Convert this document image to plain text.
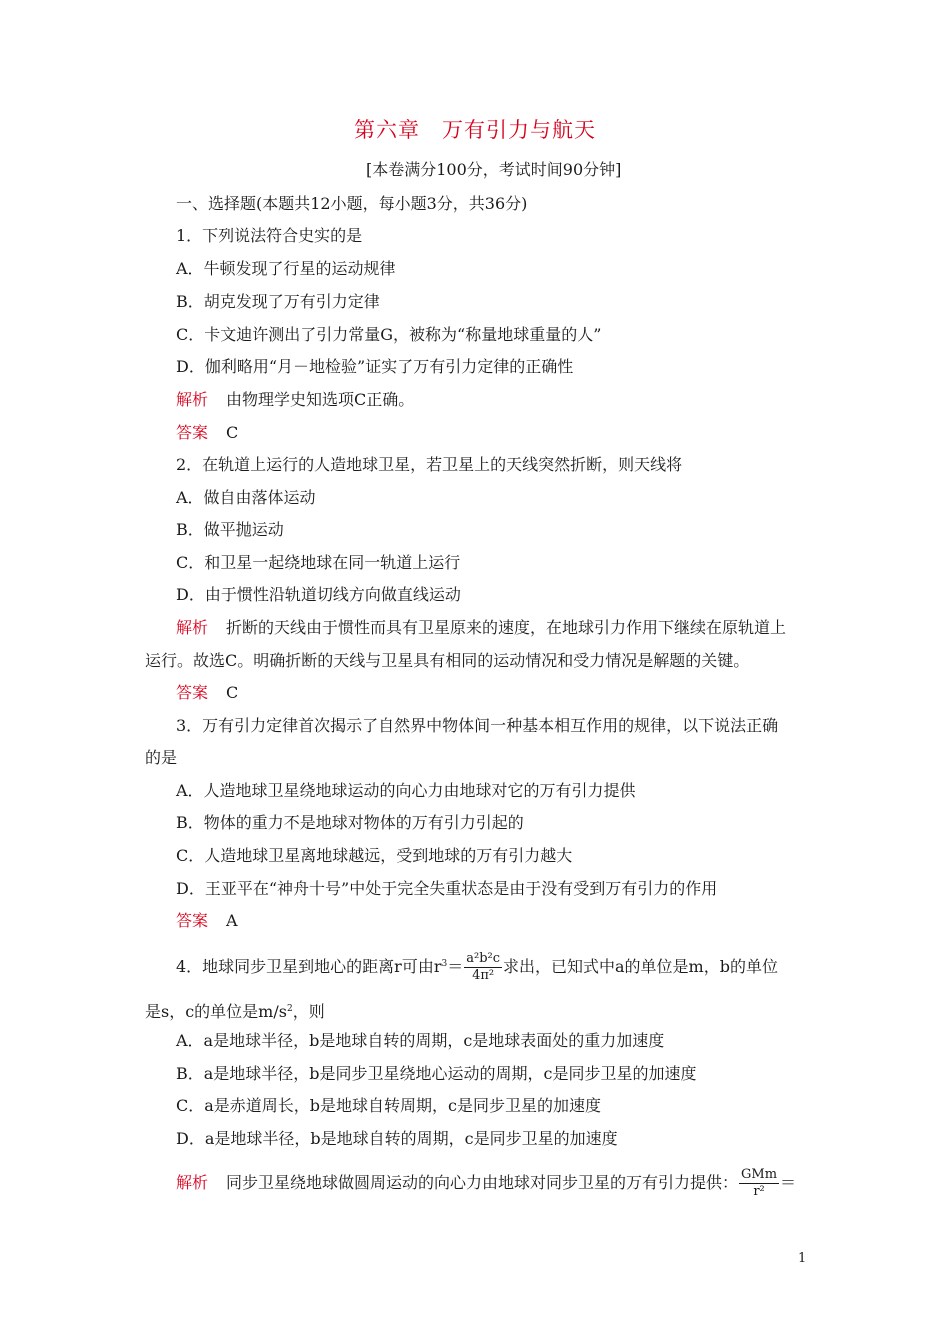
第六章　万有引力与航天
[本卷满分100分，考试时间90分钟]
一、选择题(本题共12小题，每小题3分，共36分)
1．下列说法符合史实的是
A．牛顿发现了行星的运动规律
B．胡克发现了万有引力定律
C．卡文迪许测出了引力常量G，被称为“称量地球重量的人”
D．伽利略用“月－地检验”证实了万有引力定律的正确性
解析 由物理学史知选项C正确。
答案 C
2．在轨道上运行的人造地球卫星，若卫星上的天线突然折断，则天线将
A．做自由落体运动
B．做平抛运动
C．和卫星一起绕地球在同一轨道上运行
D．由于惯性沿轨道切线方向做直线运动
解析 折断的天线由于惯性而具有卫星原来的速度，在地球引力作用下继续在原轨道上
运行。故选C。明确折断的天线与卫星具有相同的运动情况和受力情况是解题的关键。
答案 C
3．万有引力定律首次揭示了自然界中物体间一种基本相互作用的规律，以下说法正确
的是
A．人造地球卫星绕地球运动的向心力由地球对它的万有引力提供
B．物体的重力不是地球对物体的万有引力引起的
C．人造地球卫星离地球越远，受到地球的万有引力越大
D．王亚平在“神舟十号”中处于完全失重状态是由于没有受到万有引力的作用
答案 A
4．地球同步卫星到地心的距离r可由$r^3= \frac{\text{a²b²c}}{\text{4π²}}$ 求出，已知式中a的单位是m，b的单位
是s，c的单位是$m/s^2$，则
A．a是地球半径，b是地球自转的周期，c是地球表面处的重力加速度
B．a是地球半径，b是同步卫星绕地心运动的周期，c是同步卫星的加速度
C．a是赤道周长，b是地球自转周期，c是同步卫星的加速度
D．a是地球半径，b是地球自转的周期，c是同步卫星的加速度
解析 同步卫星绕地球做圆周运动的向心力由地球对同步卫星的万有引力提供： $\frac{\text{GMm}}{\text{r²}}$ ＝
1
